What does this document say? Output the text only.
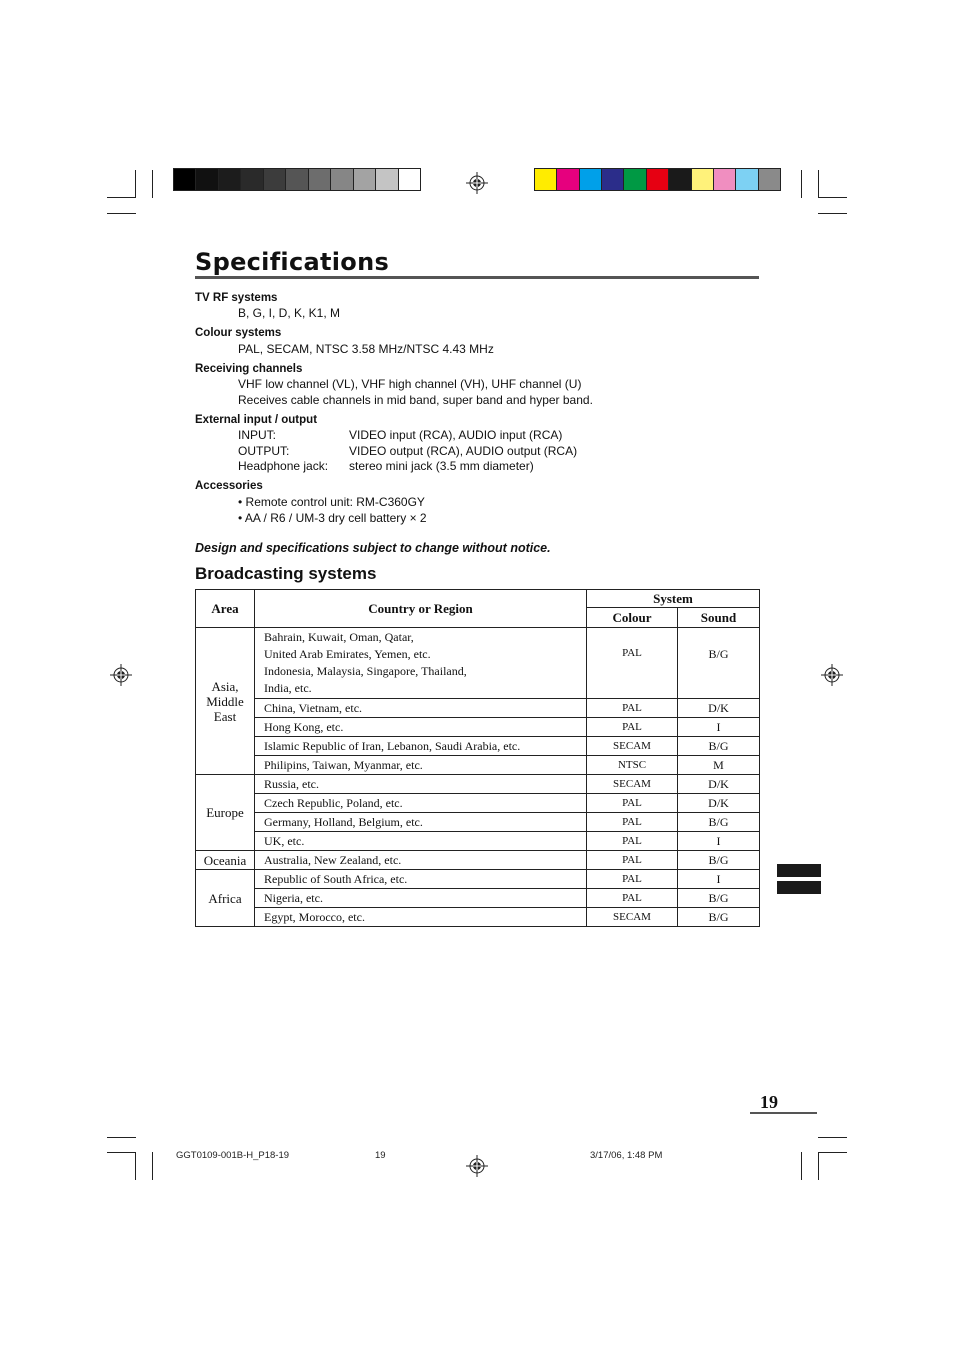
Specifications
TV RF systems
B, G, I, D, K, K1, M
Colour systems
PAL, SECAM, NTSC 3.58 MHz/NTSC 4.43 MHz
Receiving channels
VHF low channel (VL), VHF high channel (VH), UHF channel (U)
Receives cable channels in mid band, super band and hyper band.
External input / output
INPUT:	VIDEO input (RCA), AUDIO input (RCA)
OUTPUT:	VIDEO output (RCA), AUDIO output (RCA)
Headphone jack: stereo mini jack (3.5 mm diameter)
Accessories
• Remote control unit: RM-C360GY
• AA / R6 / UM-3 dry cell battery × 2
Design and specifications subject to change without notice.
Broadcasting systems
Area	Country or Region	System	
		Colour	Sound
Asia,
Middle
East	Bahrain, Kuwait, Oman, Qatar,
United Arab Emirates, Yemen, etc.
Indonesia, Malaysia, Singapore, Thailand,
India, etc.	PAL	B/G
	China, Vietnam, etc.	PAL	D/K
	Hong Kong, etc.	PAL	I
	Islamic Republic of Iran, Lebanon, Saudi Arabia, etc.	SECAM	B/G
	Philipins, Taiwan, Myanmar, etc.	NTSC	M
Europe	Russia, etc.	SECAM	D/K
	Czech Republic, Poland, etc.	PAL	D/K
	Germany, Holland, Belgium, etc.	PAL	B/G
	UK, etc.	PAL	I
Oceania	Australia, New Zealand, etc.	PAL	B/G
Africa	Republic of South Africa, etc.	PAL	I
	Nigeria, etc.	PAL	B/G
	Egypt, Morocco, etc.	SECAM	B/G
19
GGT0109-001B-H_P18-19	19	3/17/06, 1:48 PM
